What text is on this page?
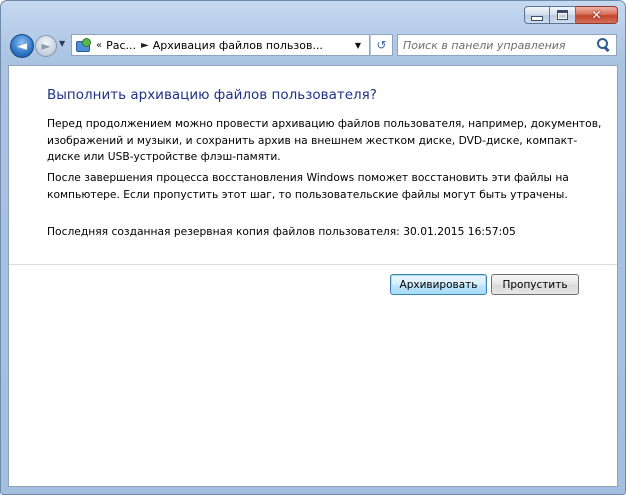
✕
◄ ► ▼	« Рас... ► Архивация файлов пользов...	▼ ↺
Поиск в панели управления
Выполнить архивацию файлов пользователя?

Перед продолжением можно провести архивацию файлов пользователя, например, документов, изображений и музыки, и сохранить архив на внешнем жестком диске, DVD-диске, компакт-диске или USB-устройстве флэш-памяти.

После завершения процесса восстановления Windows поможет восстановить эти файлы на компьютере. Если пропустить этот шаг, то пользовательские файлы могут быть утрачены.

Последняя созданная резервная копия файлов пользователя: 30.01.2015 16:57:05
Архивировать	Пропустить
